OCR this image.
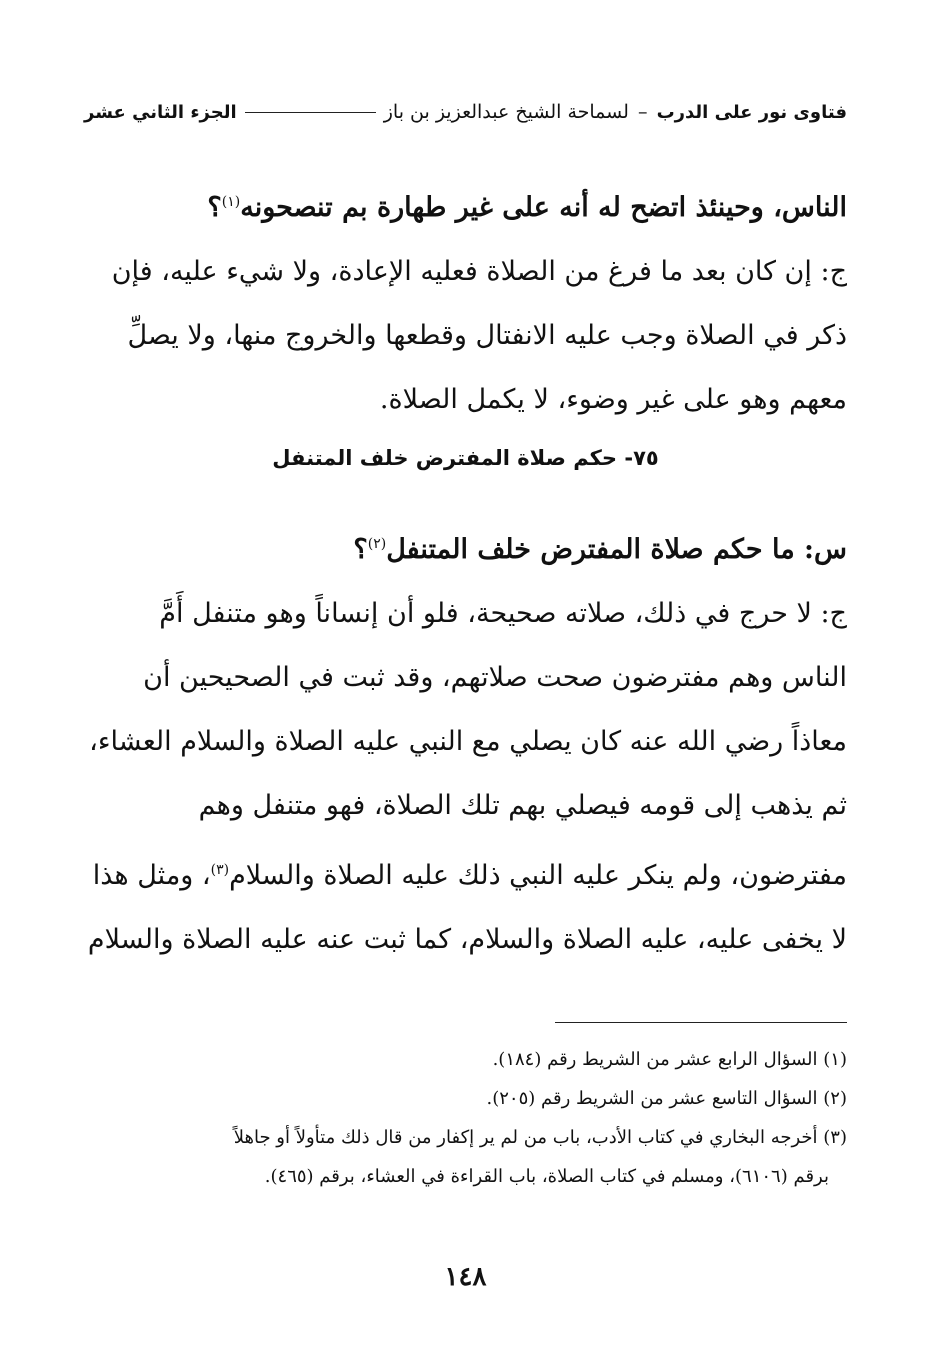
فتاوى نور على الدرب – لسماحة الشيخ عبدالعزيز بن باز
الجزء الثاني عشر
الناس، وحينئذ اتضح له أنه على غير طهارة بم تنصحونه$^{(١)}$؟
ج: إن كان بعد ما فرغ من الصلاة فعليه الإعادة، ولا شيء عليه، فإن
ذكر في الصلاة وجب عليه الانفتال وقطعها والخروج منها، ولا يصلِّ
معهم وهو على غير وضوء، لا يكمل الصلاة.
٧٥- حكم صلاة المفترض خلف المتنفل
س: ما حكم صلاة المفترض خلف المتنفل$^{(٢)}$؟
ج: لا حرج في ذلك، صلاته صحيحة، فلو أن إنساناً وهو متنفل أَمَّ
الناس وهم مفترضون صحت صلاتهم، وقد ثبت في الصحيحين أن
معاذاً رضي الله عنه كان يصلي مع النبي عليه الصلاة والسلام العشاء،
ثم يذهب إلى قومه فيصلي بهم تلك الصلاة، فهو متنفل وهم
مفترضون، ولم ينكر عليه النبي ذلك عليه الصلاة والسلام$^{(٣)}$، ومثل هذا
لا يخفى عليه، عليه الصلاة والسلام، كما ثبت عنه عليه الصلاة والسلام
(١) السؤال الرابع عشر من الشريط رقم (١٨٤).
(٢) السؤال التاسع عشر من الشريط رقم (٢٠٥).
(٣) أخرجه البخاري في كتاب الأدب، باب من لم ير إكفار من قال ذلك متأولاً أو جاهلاً
برقم (٦١٠٦)، ومسلم في كتاب الصلاة، باب القراءة في العشاء، برقم (٤٦٥).
١٤٨
